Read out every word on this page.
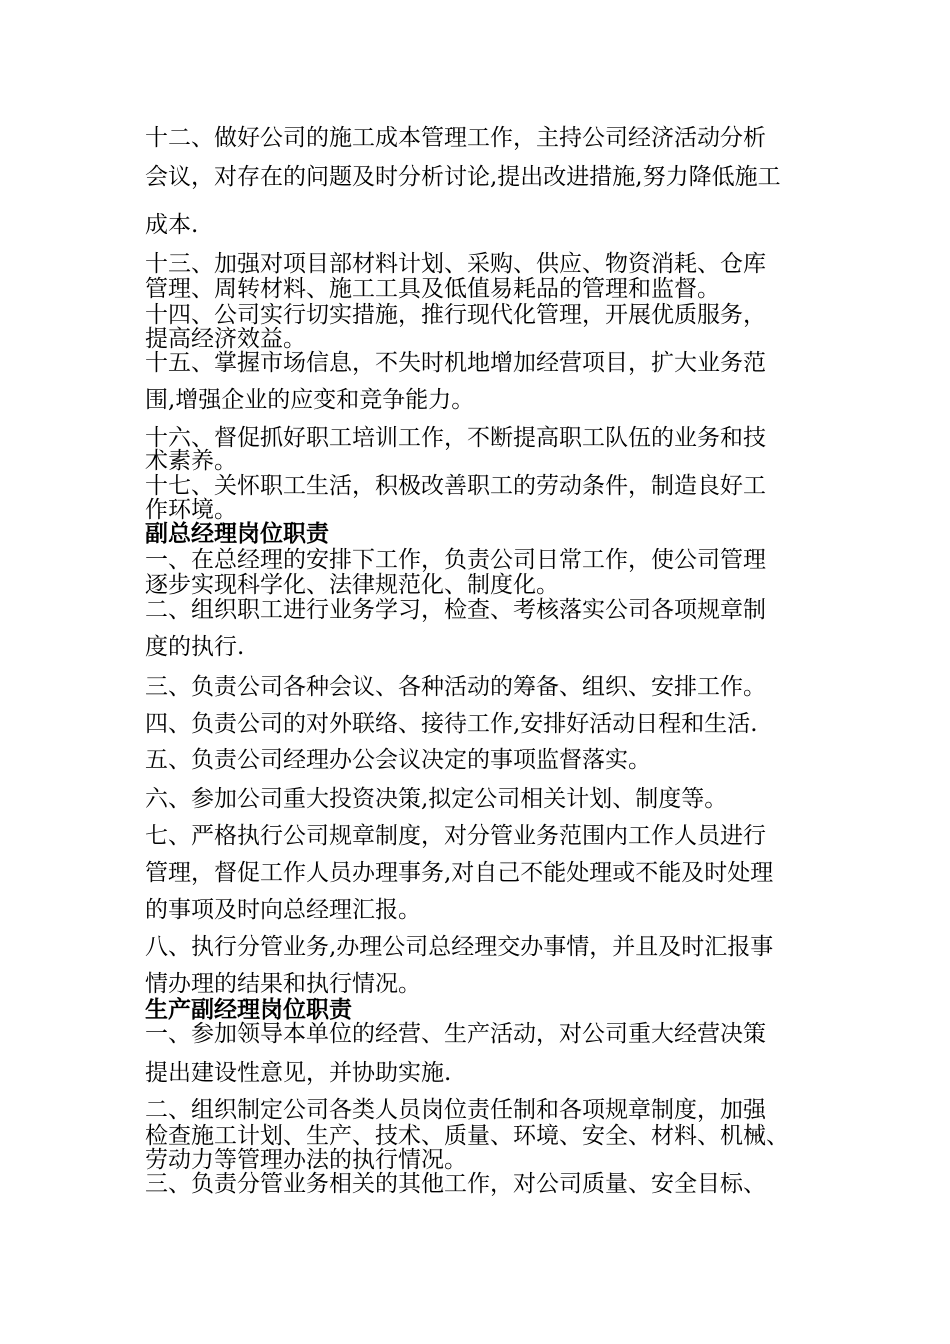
十二、做好公司的施工成本管理工作，主持公司经济活动分析
会议，对存在的问题及时分析讨论,提出改进措施,努力降低施工
成本.
十三、加强对项目部材料计划、采购、供应、物资消耗、仓库
管理、周转材料、施工工具及低值易耗品的管理和监督。
十四、公司实行切实措施，推行现代化管理，开展优质服务，
提高经济效益。
十五、掌握市场信息，不失时机地增加经营项目，扩大业务范
围,增强企业的应变和竞争能力。
十六、督促抓好职工培训工作，不断提高职工队伍的业务和技
术素养。
十七、关怀职工生活，积极改善职工的劳动条件，制造良好工
作环境。
副总经理岗位职责
一、在总经理的安排下工作，负责公司日常工作，使公司管理
逐步实现科学化、法律规范化、制度化。
二、组织职工进行业务学习，检查、考核落实公司各项规章制
度的执行.
三、负责公司各种会议、各种活动的筹备、组织、安排工作。
四、负责公司的对外联络、接待工作,安排好活动日程和生活.
五、负责公司经理办公会议决定的事项监督落实。
六、参加公司重大投资决策,拟定公司相关计划、制度等。
七、严格执行公司规章制度，对分管业务范围内工作人员进行
管理，督促工作人员办理事务,对自己不能处理或不能及时处理
的事项及时向总经理汇报。
八、执行分管业务,办理公司总经理交办事情，并且及时汇报事
情办理的结果和执行情况。
生产副经理岗位职责
一、参加领导本单位的经营、生产活动，对公司重大经营决策
提出建设性意见，并协助实施.
二、组织制定公司各类人员岗位责任制和各项规章制度，加强
检查施工计划、生产、技术、质量、环境、安全、材料、机械、
劳动力等管理办法的执行情况。
三、负责分管业务相关的其他工作，对公司质量、安全目标、
